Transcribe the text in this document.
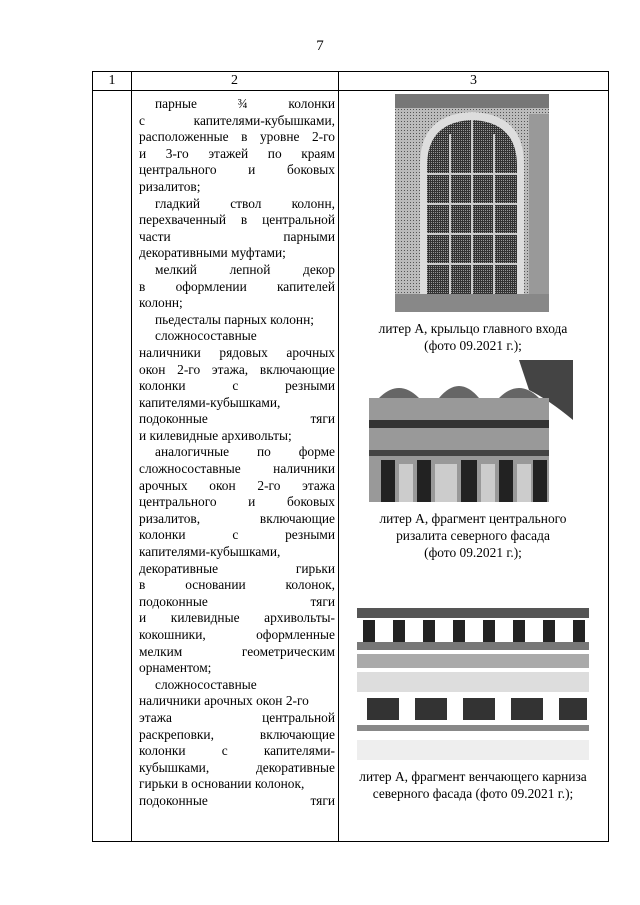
7
1	2	3

парные ¾ колонки

с капителями-кубышками,

расположенные в уровне 2-го

и 3-го этажей по краям

центрального и боковых

ризалитов;

гладкий ствол колонн,

перехваченный в центральной

части парными

декоративными муфтами;

мелкий лепной декор

в оформлении капителей

колонн;

пьедесталы парных колонн;

сложносоставные

наличники рядовых арочных

окон 2-го этажа, включающие

колонки с резными

капителями-кубышками,

подоконные тяги

и килевидные архивольты;

аналогичные по форме

сложносоставные наличники

арочных окон 2-го этажа

центрального и боковых

ризалитов, включающие

колонки с резными

капителями-кубышками,

декоративные гирьки

в основании колонок,

подоконные тяги

и килевидные архивольты-

кокошники, оформленные

мелким геометрическим

орнаментом;

сложносоставные

наличники арочных окон 2-го

этажа центральной

раскреповки, включающие

колонки с капителями-

кубышками, декоративные

гирьки в основании колонок,

подоконные тяги

литер А, крыльцо главного входа
(фото 09.2021 г.);
литер А, фрагмент центрального
ризалита северного фасада
(фото 09.2021 г.);
литер А, фрагмент венчающего карниза
северного фасада (фото 09.2021 г.);
